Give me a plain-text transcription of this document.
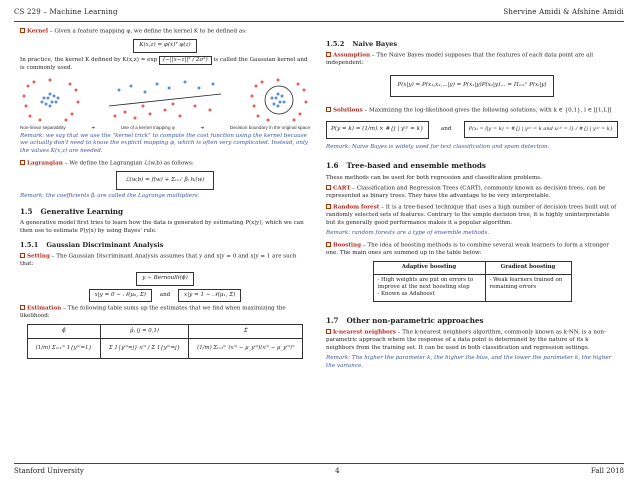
CS 229 – Machine Learning	Shervine Amidi & Afshine Amidi
Kernel – Given a feature mapping φ, we define the kernel K to be defined as:
K(x,z) = φ(x)ᵀ φ(z)
In practice, the kernel K defined by K(x,z) = exp (−||x−z||² / 2σ²) is called the Gaussian kernel and is commonly used.
Non-linear separability	➜	Use of a kernel mapping φ	➜	Decision boundary in the original space
Remark: we say that we use the "kernel trick" to compute the cost function using the kernel because we actually don't need to know the explicit mapping φ, which is often very complicated. Instead, only the values K(x,z) are needed.
Lagrangian – We define the Lagrangian ℒ(w,b) as follows:
ℒ(w,b) = f(w) + Σᵢ₌₁ˡ βᵢ hᵢ(w)
Remark: the coefficients βᵢ are called the Lagrange multipliers.
1.5 Generative Learning
A generative model first tries to learn how the data is generated by estimating P(x|y), which we can then use to estimate P(y|x) by using Bayes' rule.
1.5.1 Gaussian Discriminant Analysis
Setting – The Gaussian Discriminant Analysis assumes that y and x|y = 0 and x|y = 1 are such that:
y ∼ Bernoulli(ϕ)
x|y = 0 ∼ 𝒩(μ₀, Σ) and x|y = 1 ∼ 𝒩(μ₁, Σ)
Estimation – The following table sums up the estimates that we find when maximizing the likelihood:
ϕ̂	μ̂ⱼ (j = 0,1)	Σ̂
(1/m) Σᵢ₌₁ᵐ 1{y⁽ⁱ⁾=1}	Σ 1{y⁽ⁱ⁾=j} x⁽ⁱ⁾ / Σ 1{y⁽ⁱ⁾=j}	(1/m) Σᵢ₌₁ᵐ (x⁽ⁱ⁾ − μ_y⁽ⁱ⁾)(x⁽ⁱ⁾ − μ_y⁽ⁱ⁾)ᵀ
1.5.2 Naive Bayes
Assumption – The Naive Bayes model supposes that the features of each data point are all independent:
P(x|y) = P(x₁,x₂,...|y) = P(x₁|y)P(x₂|y)... = Πᵢ₌₁ⁿ P(xᵢ|y)
Solutions – Maximizing the log-likelihood gives the following solutions, with k ∈ {0,1}, l ∈ [[1,L]]
P(y = k) = (1/m) × #{j | y⁽ʲ⁾ = k}	and	P(xᵢ = l|y = k) = #{j | y⁽ʲ⁾ = k and xᵢ⁽ʲ⁾ = l} / #{j | y⁽ʲ⁾ = k}
Remark: Naive Bayes is widely used for text classification and spam detection.
1.6 Tree-based and ensemble methods
These methods can be used for both regression and classification problems.
CART – Classification and Regression Trees (CART), commonly known as decision trees, can be represented as binary trees. They have the advantage to be very interpretable.
Random forest – It is a tree-based technique that uses a high number of decision trees built out of randomly selected sets of features. Contrary to the simple decision tree, it is highly uninterpretable but its generally good performance makes it a popular algorithm.
Remark: random forests are a type of ensemble methods.
Boosting – The idea of boosting methods is to combine several weak learners to form a stronger one. The main ones are summed up in the table below:
Adaptive boosting	Gradient boosting

- High weights are put on errors to improve at the next boosting step
- Known as Adaboost	- Weak learners trained on remaining errors
1.7 Other non-parametric approaches
k-nearest neighbors – The k-nearest neighbors algorithm, commonly known as k-NN, is a non-parametric approach where the response of a data point is determined by the nature of its k neighbors from the training set. It can be used in both classification and regression settings.
Remark: The higher the parameter k, the higher the bias, and the lower the parameter k, the higher the variance.
Stanford University	4	Fall 2018
